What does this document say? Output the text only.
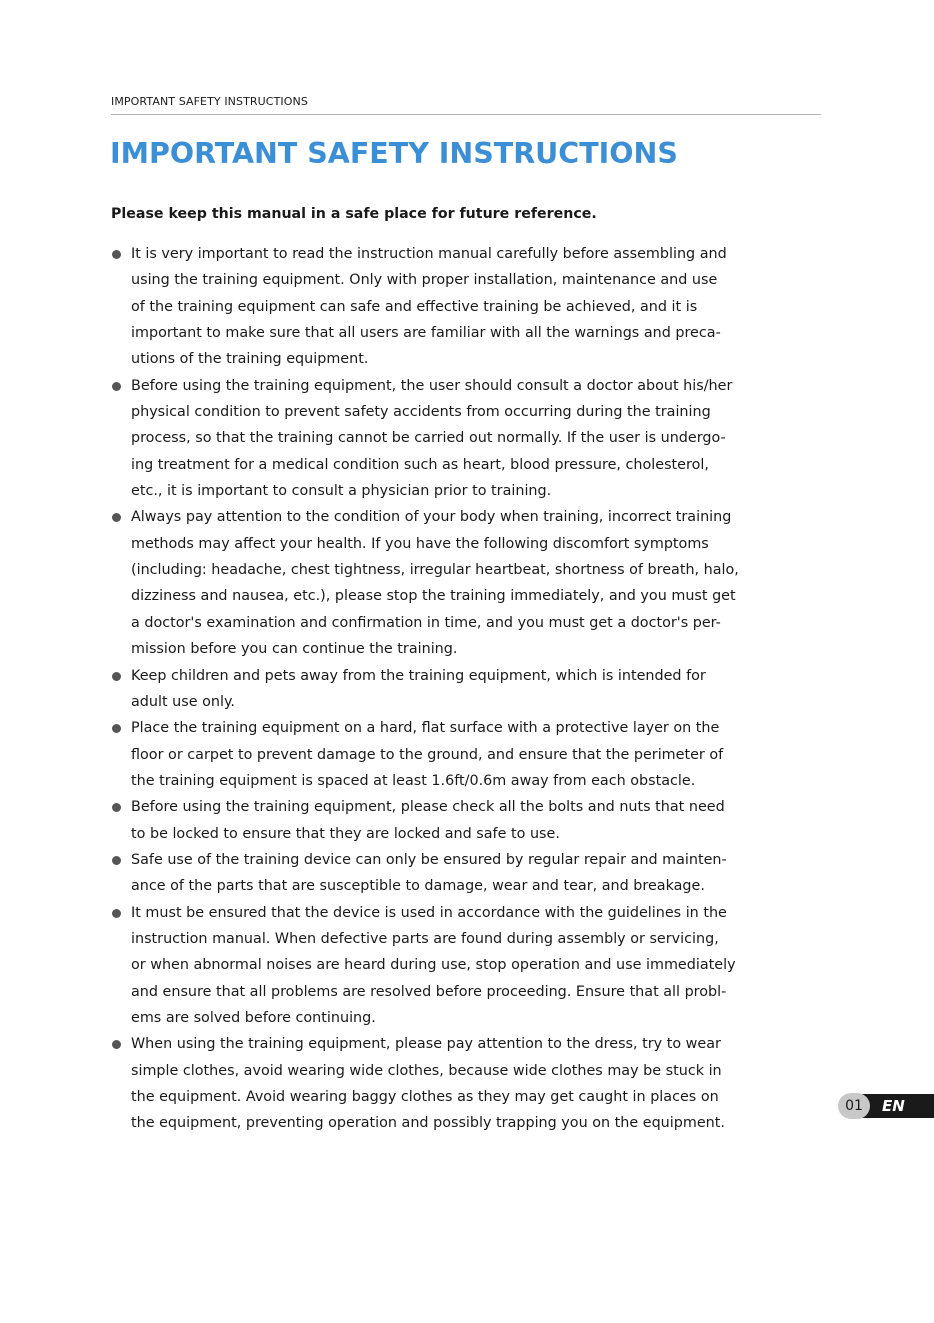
IMPORTANT SAFETY INSTRUCTIONS
IMPORTANT SAFETY INSTRUCTIONS

Please keep this manual in a safe place for future reference.

It is very important to read the instruction manual carefully before assembling and
using the training equipment. Only with proper installation, maintenance and use
of the training equipment can safe and effective training be achieved, and it is
important to make sure that all users are familiar with all the warnings and preca-
utions of the training equipment.
Before using the training equipment, the user should consult a doctor about his/her
physical condition to prevent safety accidents from occurring during the training
process, so that the training cannot be carried out normally. If the user is undergo-
ing treatment for a medical condition such as heart, blood pressure, cholesterol,
etc., it is important to consult a physician prior to training.
Always pay attention to the condition of your body when training, incorrect training
methods may affect your health. If you have the following discomfort symptoms
(including: headache, chest tightness, irregular heartbeat, shortness of breath, halo,
dizziness and nausea, etc.), please stop the training immediately, and you must get
a doctor's examination and confirmation in time, and you must get a doctor's per-
mission before you can continue the training.
Keep children and pets away from the training equipment, which is intended for
adult use only.
Place the training equipment on a hard, flat surface with a protective layer on the
floor or carpet to prevent damage to the ground, and ensure that the perimeter of
the training equipment is spaced at least 1.6ft/0.6m away from each obstacle.
Before using the training equipment, please check all the bolts and nuts that need
to be locked to ensure that they are locked and safe to use.
Safe use of the training device can only be ensured by regular repair and mainten-
ance of the parts that are susceptible to damage, wear and tear, and breakage.
It must be ensured that the device is used in accordance with the guidelines in the
instruction manual. When defective parts are found during assembly or servicing,
or when abnormal noises are heard during use, stop operation and use immediately
and ensure that all problems are resolved before proceeding. Ensure that all probl-
ems are solved before continuing.
When using the training equipment, please pay attention to the dress, try to wear
simple clothes, avoid wearing wide clothes, because wide clothes may be stuck in
the equipment. Avoid wearing baggy clothes as they may get caught in places on
the equipment, preventing operation and possibly trapping you on the equipment.
01	EN
